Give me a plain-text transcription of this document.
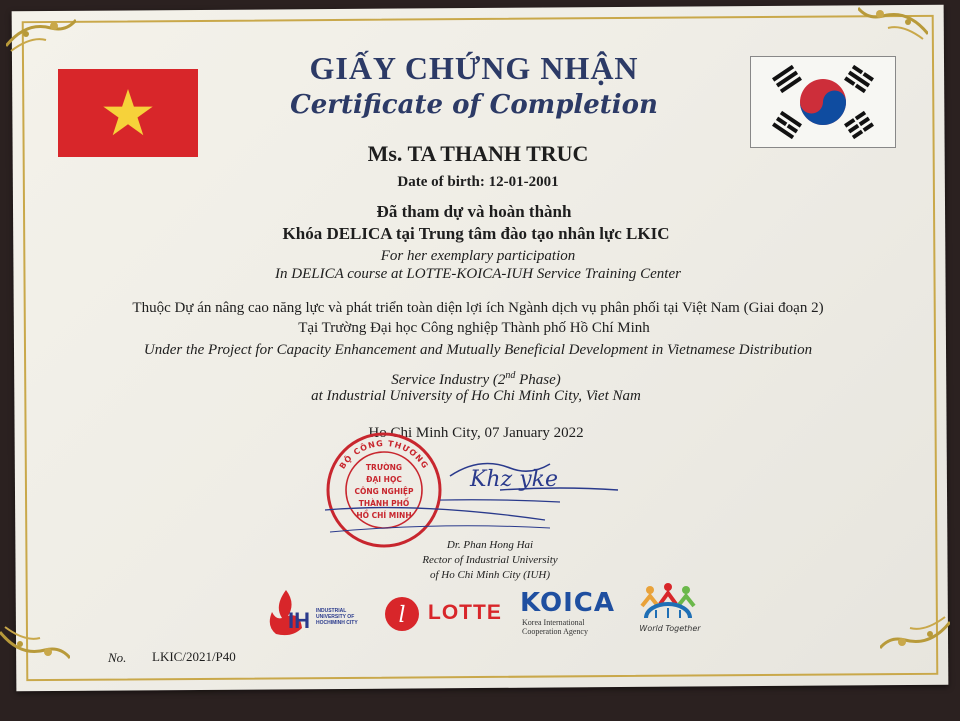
GIẤY CHỨNG NHẬN
Certificate of Completion
Ms. TA THANH TRUC
Date of birth: 12-01-2001
Đã tham dự và hoàn thành
Khóa DELICA tại Trung tâm đào tạo nhân lực LKIC
For her exemplary participation
In DELICA course at LOTTE-KOICA-IUH Service Training Center
Thuộc Dự án nâng cao năng lực và phát triển toàn diện lợi ích Ngành dịch vụ phân phối tại Việt Nam (Giai đoạn 2)
Tại Trường Đại học Công nghiệp Thành phố Hồ Chí Minh
Under the Project for Capacity Enhancement and Mutually Beneficial Development in Vietnamese Distribution
Service Industry (2nd Phase)
at Industrial University of Ho Chi Minh City, Viet Nam
Ho Chi Minh City, 07 January 2022
BỘ CÔNG THƯƠNG
TRƯỜNG
ĐẠI HỌC
CÔNG NGHIỆP
THÀNH PHỐ
HỒ CHÍ MINH
Khz yke
Dr. Phan Hong Hai
Rector of Industrial University
of Ho Chi Minh City (IUH)
IH INDUSTRIAL
UNIVERSITY OF
HOCHIMINH CITY l LOTTE KOICA
Korea International
Cooperation Agency	World Together
No. LKIC/2021/P40
